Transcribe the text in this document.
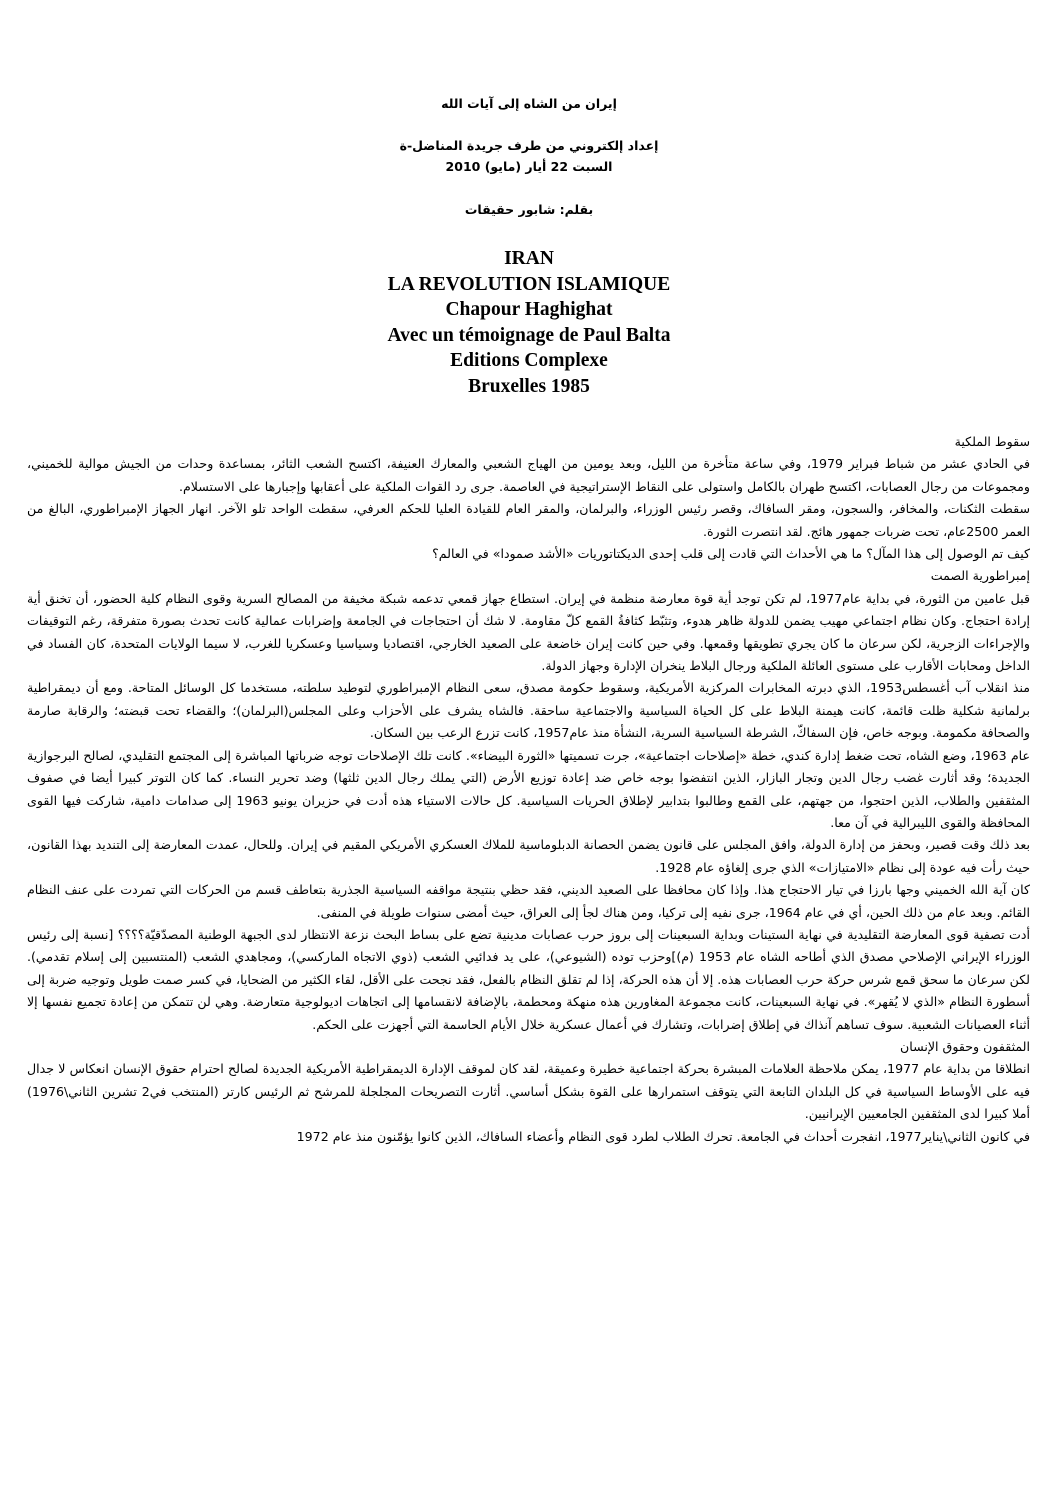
إيران من الشاه إلى آيات الله

إعداد إلكتروني من طرف جريدة المناضل-ة

السبت 22 أيار (مايو) 2010

بقلم: شابور حقيقات

IRAN

LA REVOLUTION ISLAMIQUE

Chapour Haghighat

Avec un témoignage de Paul Balta

Editions Complexe

Bruxelles 1985

سقوط الملكية

في الحادي عشر من شباط فبراير 1979، وفي ساعة متأخرة من الليل، وبعد يومين من الهياج الشعبي والمعارك العنيفة، اكتسح الشعب الثائر، بمساعدة وحدات من الجيش موالية للخميني، ومجموعات من رجال العصابات، اكتسح طهران بالكامل واستولى على النقاط الإستراتيجية في العاصمة. جرى رد القوات الملكية على أعقابها وإجبارها على الاستسلام.

سقطت الثكنات، والمخافر، والسجون، ومقر السافاك، وقصر رئيس الوزراء، والبرلمان، والمقر العام للقيادة العليا للحكم العرفي، سقطت الواحد تلو الآخر. انهار الجهاز الإمبراطوري، البالغ من العمر 2500عام، تحت ضربات جمهور هائج. لقد انتصرت الثورة.

كيف تم الوصول إلى هذا المآل؟ ما هي الأحداث التي قادت إلى قلب إحدى الديكتاتوريات «الأشد صمودا» في العالم؟

إمبراطورية الصمت

قبل عامين من الثورة، في بداية عام1977، لم تكن توجد أية قوة معارضة منظمة في إيران. استطاع جهاز قمعي تدعمه شبكة مخيفة من المصالح السرية وقوى النظام كلية الحضور، أن تخنق أية إرادة احتجاج. وكان نظام اجتماعي مهيب يضمن للدولة ظاهر هدوء، وتثبّط كثافةُ القمع كلّ مقاومة. لا شك أن احتجاجات في الجامعة وإضرابات عمالية كانت تحدث بصورة متفرقة، رغم التوقيفات والإجراءات الزجرية، لكن سرعان ما كان يجري تطويقها وقمعها. وفي حين كانت إيران خاضعة على الصعيد الخارجي، اقتصاديا وسياسيا وعسكريا للغرب، لا سيما الولايات المتحدة، كان الفساد في الداخل ومحابات الأقارب على مستوى العائلة الملكية ورجال البلاط ينخران الإدارة وجهاز الدولة.

منذ انقلاب آب أغسطس1953، الذي دبرته المخابرات المركزية الأمريكية، وسقوط حكومة مصدق، سعى النظام الإمبراطوري لتوطيد سلطته، مستخدما كل الوسائل المتاحة. ومع أن ديمقراطية برلمانية شكلية ظلت قائمة، كانت هيمنة البلاط على كل الحياة السياسية والاجتماعية ساحقة. فالشاه يشرف على الأحزاب وعلى المجلس(البرلمان)؛ والقضاء تحت قبضته؛ والرقابة صارمة والصحافة مكمومة. وبوجه خاص، فإن السفاكّ، الشرطة السياسية السرية، النشأة منذ عام1957، كانت تزرع الرعب بين السكان.

عام 1963، وضع الشاه، تحت ضغط إدارة كندي، خطة «إصلاحات اجتماعية»، جرت تسميتها «الثورة البيضاء». كانت تلك الإصلاحات توجه ضرباتها المباشرة إلى المجتمع التقليدي، لصالح البرجوازية الجديدة؛ وقد أثارت غضب رجال الدين وتجار البازار، الذين انتفضوا بوجه خاص ضد إعادة توزيع الأرض (التي يملك رجال الدين ثلثها) وضد تحرير النساء. كما كان التوتر كبيرا أيضا في صفوف المثقفين والطلاب، الذين احتجوا، من جهتهم، على القمع وطالبوا بتدابير لإطلاق الحريات السياسية. كل حالات الاستياء هذه أدت في حزيران يونيو 1963 إلى صدامات دامية، شاركت فيها القوى المحافظة والقوى الليبرالية في آن معا.

بعد ذلك وقت قصير، وبحفز من إدارة الدولة، وافق المجلس على قانون يضمن الحصانة الدبلوماسية للملاك العسكري الأمريكي المقيم في إيران. وللحال، عمدت المعارضة إلى التنديد بهذا القانون، حيث رأت فيه عودة إلى نظام «الامتيازات» الذي جرى إلغاؤه عام 1928.

كان آية الله الخميني وجها بارزا في تيار الاحتجاج هذا. وإذا كان محافظا على الصعيد الديني، فقد حظي بنتيجة مواقفه السياسية الجذرية بتعاطف قسم من الحركات التي تمردت على عنف النظام القائم. وبعد عام من ذلك الحين، أي في عام 1964، جرى نفيه إلى تركيا، ومن هناك لجأ إلى العراق، حيث أمضى سنوات طويلة في المنفى.

أدت تصفية قوى المعارضة التقليدية في نهاية الستينات وبداية السبعينات إلى بروز حرب عصابات مدينية تضع على بساط البحث نزعة الانتظار لدى الجبهة الوطنية المصدّقيّة؟؟؟؟ [نسبة إلى رئيس الوزراء الإيراني الإصلاحي مصدق الذي أطاحه الشاه عام 1953 (م)]وحزب توده (الشيوعي)، على يد فدائيي الشعب (ذوي الاتجاه الماركسي)، ومجاهدي الشعب (المنتسبين إلى إسلام تقدمي). لكن سرعان ما سحق قمع شرس حركة حرب العصابات هذه. إلا أن هذه الحركة، إذا لم تقلق النظام بالفعل، فقد نجحت على الأقل، لقاء الكثير من الضحايا، في كسر صمت طويل وتوجيه ضربة إلى أسطورة النظام «الذي لا يُقهر». في نهاية السبعينات، كانت مجموعة المغاورين هذه منهكة ومحطمة، بالإضافة لانقسامها إلى اتجاهات اديولوجية متعارضة. وهي لن تتمكن من إعادة تجميع نفسها إلا أثناء العصيانات الشعبية. سوف تساهم آنذاك في إطلاق إضرابات، وتشارك في أعمال عسكرية خلال الأيام الحاسمة التي أجهزت على الحكم.

المثقفون وحقوق الإنسان

انطلاقا من بداية عام 1977، يمكن ملاحظة العلامات المبشرة بحركة اجتماعية خطيرة وعميقة، لقد كان لموقف الإدارة الديمقراطية الأمريكية الجديدة لصالح احترام حقوق الإنسان انعكاس لا جدال فيه على الأوساط السياسية في كل البلدان التابعة التي يتوقف استمرارها على القوة بشكل أساسي. أثارت التصريحات المجلجلة للمرشح ثم الرئيس كارتر (المنتخب في2 تشرين الثاني\1976) أملا كبيرا لدى المثقفين الجامعيين الإيرانيين.

في كانون الثاني\يناير1977، انفجرت أحداث في الجامعة. تحرك الطلاب لطرد قوى النظام وأعضاء السافاك، الذين كانوا يؤمّنون منذ عام 1972
